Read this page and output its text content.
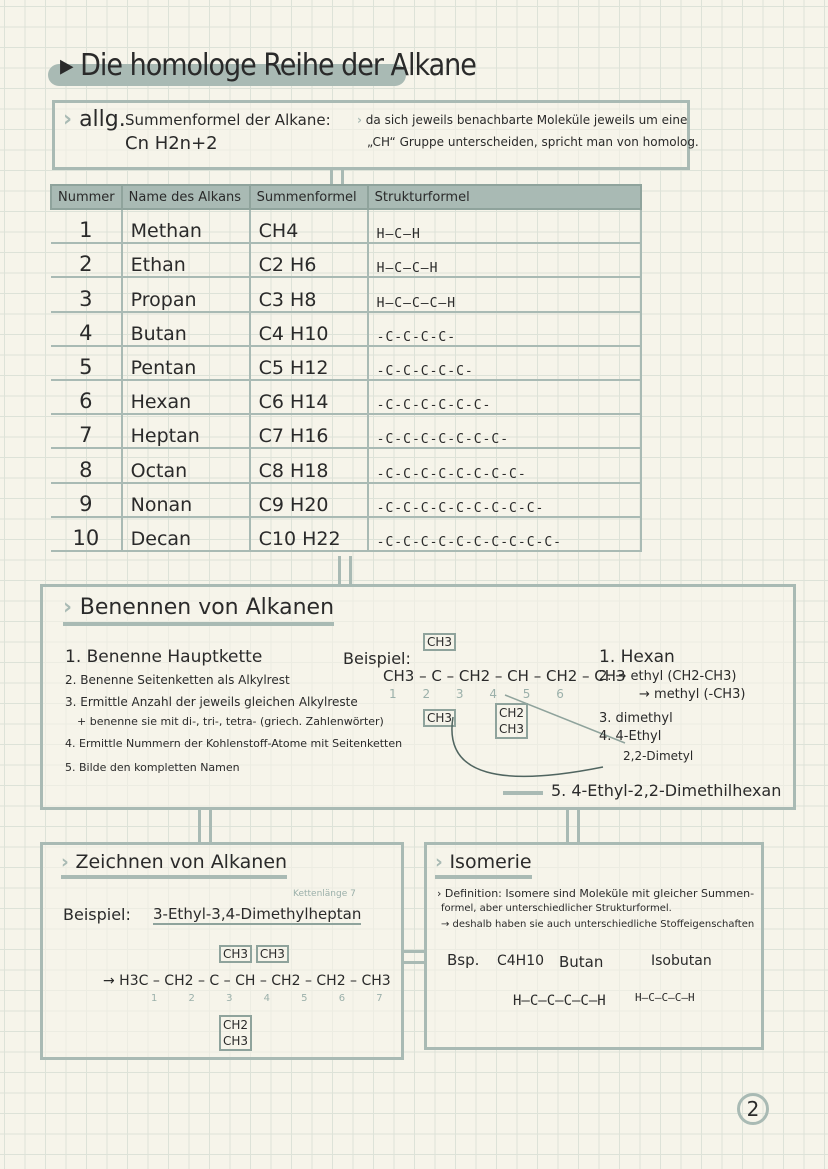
▸ Die homologe Reihe der Alkane
› allg. Summenformel der Alkane:
Cn H2n+2
› da sich jeweils benachbarte Moleküle jeweils um eine
„CH“ Gruppe unterscheiden, spricht man von homolog.
Nummer	Name des Alkans	Summenformel	Strukturformel
1	Methan	CH4	H–C–H
2	Ethan	C2 H6	H–C–C–H
3	Propan	C3 H8	H–C–C–C–H
4	Butan	C4 H10	-C-C-C-C-
5	Pentan	C5 H12	-C-C-C-C-C-
6	Hexan	C6 H14	-C-C-C-C-C-C-
7	Heptan	C7 H16	-C-C-C-C-C-C-C-
8	Octan	C8 H18	-C-C-C-C-C-C-C-C-
9	Nonan	C9 H20	-C-C-C-C-C-C-C-C-C-
10	Decan	C10 H22	-C-C-C-C-C-C-C-C-C-C-
› Benennen von Alkanen
1. Benenne Hauptkette
2. Benenne Seitenketten als Alkylrest
3. Ermittle Anzahl der jeweils gleichen Alkylreste
+ benenne sie mit di-, tri-, tetra- (griech. Zahlenwörter)
4. Ermittle Nummern der Kohlenstoff-Atome mit Seitenketten
5. Bilde den kompletten Namen
Beispiel:
CH3
CH3 – C – CH2 – CH – CH2 – CH3
1 2 3 4 5 6
CH3	CH2
CH3
1. Hexan
2. → ethyl (CH2-CH3)
→ methyl (-CH3)
3. dimethyl
4. 4-Ethyl
2,2-Dimetyl
5. 4-Ethyl-2,2-Dimethilhexan
› Zeichnen von Alkanen
Beispiel: 3-Ethyl-3,4-Dimethylheptan
Kettenlänge 7
CH3 CH3
→ H3C – CH2 – C – CH – CH2 – CH2 – CH3
1 2 3 4 5 6 7
CH2
CH3
› Isomerie
› Definition: Isomere sind Moleküle mit gleicher Summen-
formel, aber unterschiedlicher Strukturformel.
→ deshalb haben sie auch unterschiedliche Stoffeigenschaften
Bsp. C4H10 Butan	Isobutan
H–C–C–C–C–H	H–C–C–C–H
2
